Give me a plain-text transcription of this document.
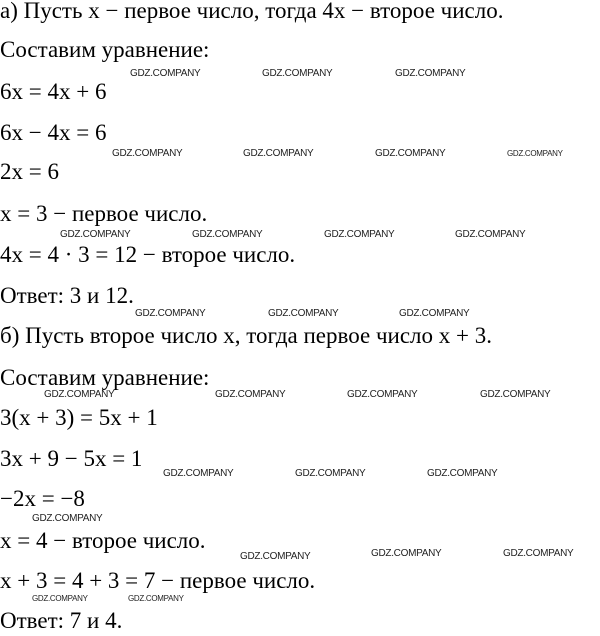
а) Пусть x − первое число, тогда 4x − второе число.
Составим уравнение:
6x = 4x + 6
6x − 4x = 6
2x = 6
x = 3 − первое число.
4x = 4 · 3 = 12 − второе число.
Ответ: 3 и 12.
б) Пусть второе число x, тогда первое число x + 3.
Составим уравнение:
3(x + 3) = 5x + 1
3x + 9 − 5x = 1
−2x = −8
x = 4 − второе число.
x + 3 = 4 + 3 = 7 − первое число.
Ответ: 7 и 4.
GDZ.COMPANY	GDZ.COMPANY	GDZ.COMPANY
GDZ.COMPANY	GDZ.COMPANY	GDZ.COMPANY	GDZ.COMPANY
GDZ.COMPANY	GDZ.COMPANY	GDZ.COMPANY	GDZ.COMPANY
GDZ.COMPANY	GDZ.COMPANY	GDZ.COMPANY
GDZ.COMPANY	GDZ.COMPANY	GDZ.COMPANY	GDZ.COMPANY
GDZ.COMPANY	GDZ.COMPANY	GDZ.COMPANY
GDZ.COMPANY
GDZ.COMPANY	GDZ.COMPANY	GDZ.COMPANY
GDZ.COMPANY	GDZ.COMPANY
